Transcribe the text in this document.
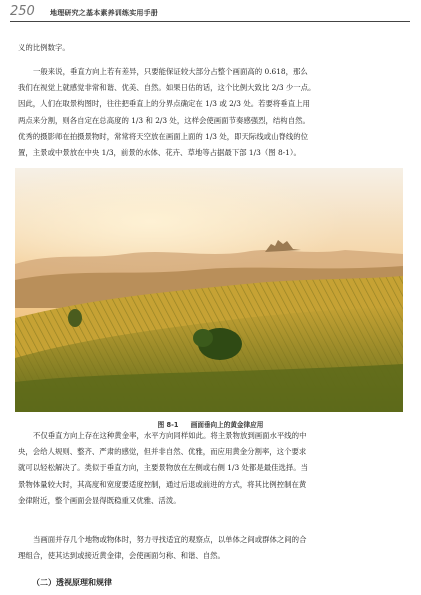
250 地理研究之基本素养训练实用手册
义的比例数字。
一般来说，垂直方向上若有差异，只要能保证较大部分占整个画面高的 0.618，那么
我们在视觉上就感觉非常和谐、优美、自然。如果日估的话，这个比例大致比 2/3 少一点。
因此，人们在取景构图时，往往把垂直上的分界点确定在 1/3 或 2/3 处。若要将垂直上用
两点来分割，则各自定在总高度的 1/3 和 2/3 处，这样会使画面节奏感强烈，结构自然。
优秀的摄影师在拍摄景物时，常常将天空放在画面上面的 1/3 处，即天际线或山脊线的位
置，主景或中景放在中央 1/3，前景的水体、花卉、草地等占据最下部 1/3（图 8-1）。
图 8-1 画面垂向上的黄金律应用
不仅垂直方向上存在这种黄金率，水平方向同样如此。将主景物放到画面水平线的中
央，会给人规则、整齐、严肃的感觉，但并非自然、优雅，而应用黄金分割率，这个要求
就可以轻松解决了。类似于垂直方向，主要景物放在左侧或右侧 1/3 处都是最佳选择。当
景物体量较大时，其高度和宽度要适度控制，通过后退或前进的方式，将其比例控制在黄
金律附近，整个画面会显得既稳重又优雅、活泼。
当画面并存几个地物或物体时，努力寻找适宜的观察点，以单体之间或群体之间的合
理组合，使其达到或接近黄金律，会使画面匀称、和谐、自然。
（二）透视原理和规律
